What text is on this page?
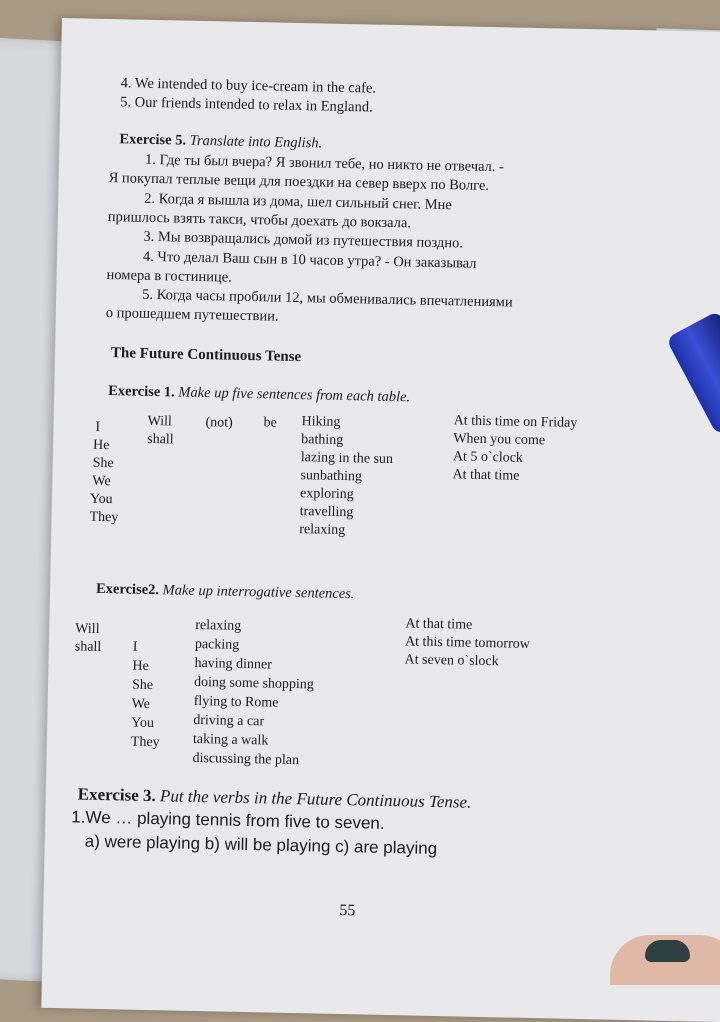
4. We intended to buy ice-cream in the cafe.
5. Our friends intended to relax in England.
Exercise 5. Translate into English.
1. Где ты был вчера? Я звонил тебе, но никто не отвечал. -
Я покупал теплые вещи для поездки на север вверх по Волге.
2. Когда я вышла из дома, шел сильный снег. Мне
пришлось взять такси, чтобы доехать до вокзала.
3. Мы возвращались домой из путешествия поздно.
4. Что делал Ваш сын в 10 часов утра? - Он заказывал
номера в гостинице.
5. Когда часы пробили 12, мы обменивались впечатлениями
о прошедшем путешествии.
The Future Continuous Tense
Exercise 1. Make up five sentences from each table.
I
He
She
We
You
They
Will
shall
(not) be Hiking
bathing
lazing in the sun
sunbathing
exploring
travelling
relaxing
At this time on Friday
When you come
At 5 o`clock
At that time
Exercise2. Make up interrogative sentences.
Will
shall I
He
She
We
You
They
relaxing
packing
having dinner
doing some shopping
flying to Rome
driving a car
taking a walk
discussing the plan
At that time
At this time tomorrow
At seven o`slock
Exercise 3. Put the verbs in the Future Continuous Tense.
1.We … playing tennis from five to seven.
a) were playing b) will be playing c) are playing
55
